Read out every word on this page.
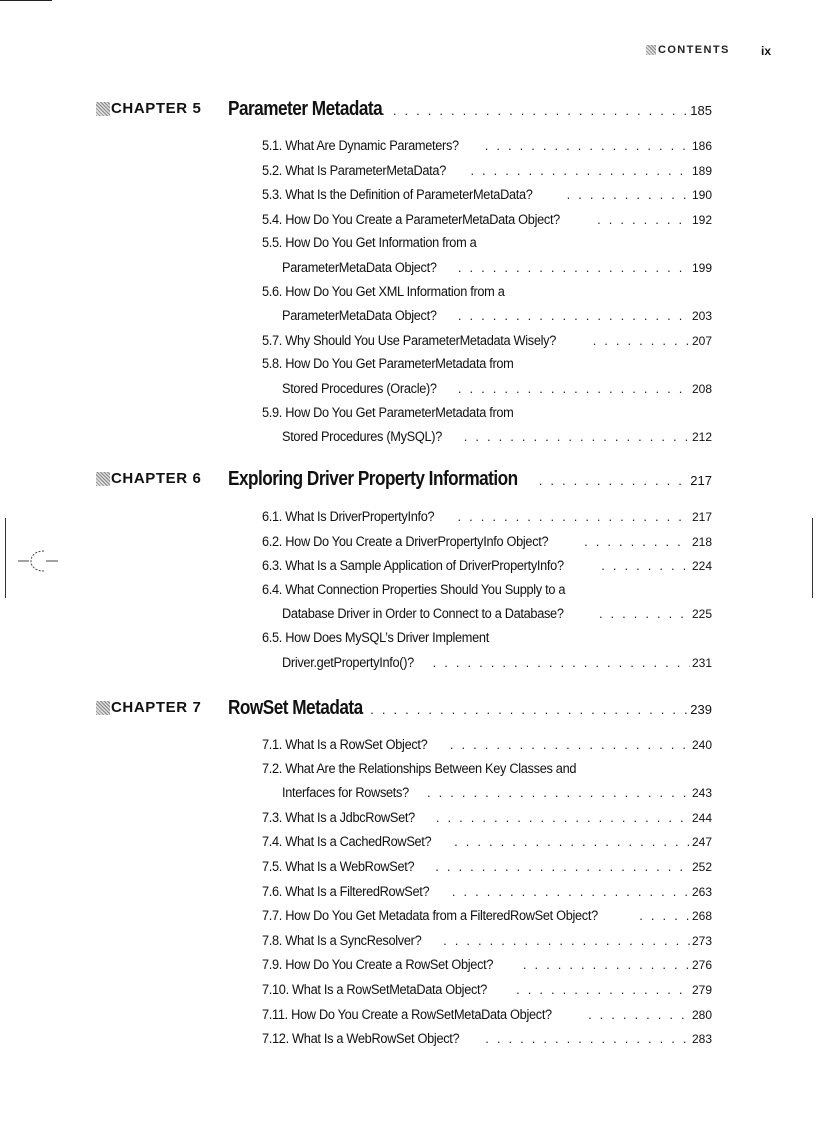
CONTENTS	ix
CHAPTER 5 Parameter Metadata . . .	185
5.1. What Are Dynamic Parameters? . . .	186
5.2. What Is ParameterMetaData? . . .	189
5.3. What Is the Definition of ParameterMetaData? . . .	190
5.4. How Do You Create a ParameterMetaData Object? . . .	192
5.5. How Do You Get Information from a
ParameterMetaData Object? . . .	199
5.6. How Do You Get XML Information from a
ParameterMetaData Object? . . .	203
5.7. Why Should You Use ParameterMetadata Wisely? . . .	207
5.8. How Do You Get ParameterMetadata from
Stored Procedures (Oracle)? . . .	208
5.9. How Do You Get ParameterMetadata from
Stored Procedures (MySQL)? . . .	212
CHAPTER 6 Exploring Driver Property Information . . .	217
6.1. What Is DriverPropertyInfo? . . .	217
6.2. How Do You Create a DriverPropertyInfo Object? . . .	218
6.3. What Is a Sample Application of DriverPropertyInfo? . . .	224
6.4. What Connection Properties Should You Supply to a
Database Driver in Order to Connect to a Database? . . .	225
6.5. How Does MySQL’s Driver Implement
Driver.getPropertyInfo()? . . .	231
CHAPTER 7 RowSet Metadata . . .	239
7.1. What Is a RowSet Object? . . .	240
7.2. What Are the Relationships Between Key Classes and
Interfaces for Rowsets? . . .	243
7.3. What Is a JdbcRowSet? . . .	244
7.4. What Is a CachedRowSet? . . .	247
7.5. What Is a WebRowSet? . . .	252
7.6. What Is a FilteredRowSet? . . .	263
7.7. How Do You Get Metadata from a FilteredRowSet Object? . . .	268
7.8. What Is a SyncResolver? . . .	273
7.9. How Do You Create a RowSet Object? . . .	276
7.10. What Is a RowSetMetaData Object? . . .	279
7.11. How Do You Create a RowSetMetaData Object? . . .	280
7.12. What Is a WebRowSet Object? . . .	283
